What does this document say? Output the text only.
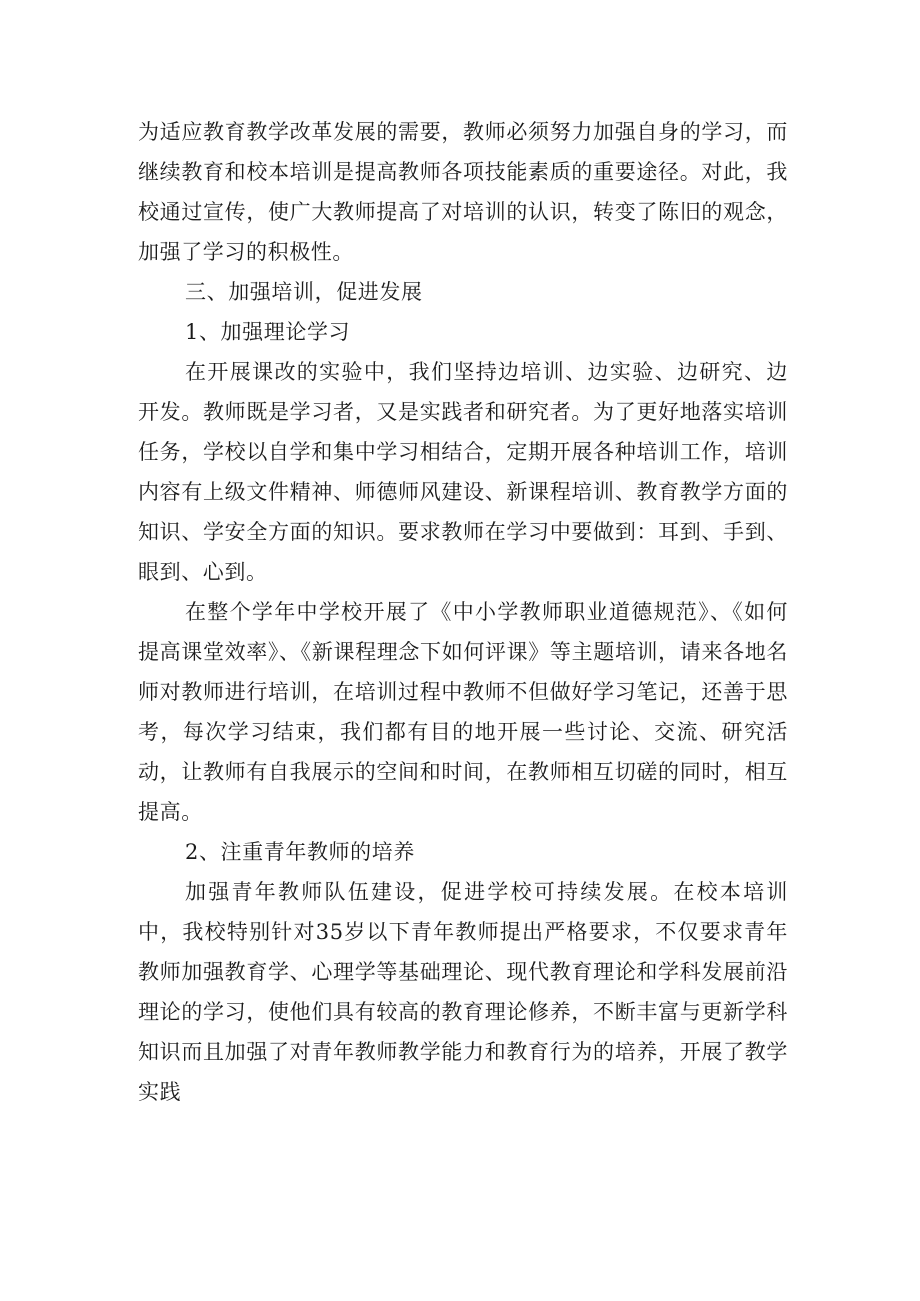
为适应教育教学改革发展的需要，教师必须努力加强自身的学习，而继续教育和校本培训是提高教师各项技能素质的重要途径。对此，我校通过宣传，使广大教师提高了对培训的认识，转变了陈旧的观念，加强了学习的积极性。

三、加强培训，促进发展

1、加强理论学习

在开展课改的实验中，我们坚持边培训、边实验、边研究、边开发。教师既是学习者，又是实践者和研究者。为了更好地落实培训任务，学校以自学和集中学习相结合，定期开展各种培训工作，培训内容有上级文件精神、师德师风建设、新课程培训、教育教学方面的知识、学安全方面的知识。要求教师在学习中要做到：耳到、手到、眼到、心到。

在整个学年中学校开展了《中小学教师职业道德规范》、《如何提高课堂效率》、《新课程理念下如何评课》等主题培训，请来各地名师对教师进行培训，在培训过程中教师不但做好学习笔记，还善于思考，每次学习结束，我们都有目的地开展一些讨论、交流、研究活动，让教师有自我展示的空间和时间，在教师相互切磋的同时，相互提高。

2、注重青年教师的培养

加强青年教师队伍建设，促进学校可持续发展。在校本培训中，我校特别针对35岁以下青年教师提出严格要求，不仅要求青年教师加强教育学、心理学等基础理论、现代教育理论和学科发展前沿理论的学习，使他们具有较高的教育理论修养，不断丰富与更新学科知识而且加强了对青年教师教学能力和教育行为的培养，开展了教学实践
